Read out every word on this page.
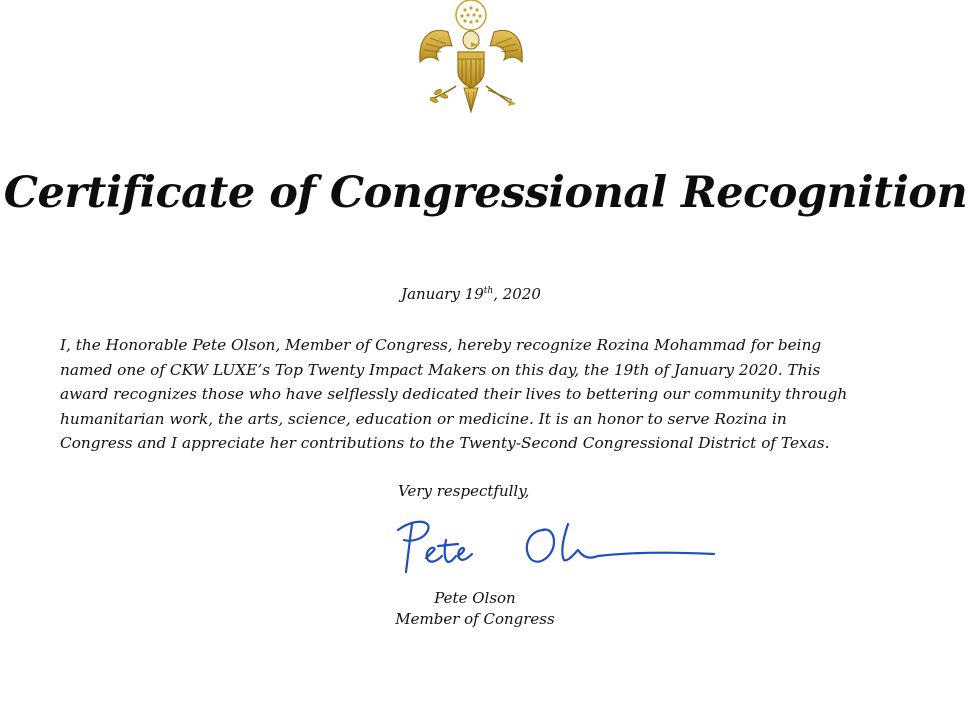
Certificate of Congressional Recognition
January 19th, 2020
I, the Honorable Pete Olson, Member of Congress, hereby recognize Rozina Mohammad for being
named one of CKW LUXE’s Top Twenty Impact Makers on this day, the 19th of January 2020. This
award recognizes those who have selflessly dedicated their lives to bettering our community through
humanitarian work, the arts, science, education or medicine. It is an honor to serve Rozina in
Congress and I appreciate her contributions to the Twenty-Second Congressional District of Texas.
Very respectfully,
Pete Olson
Member of Congress
